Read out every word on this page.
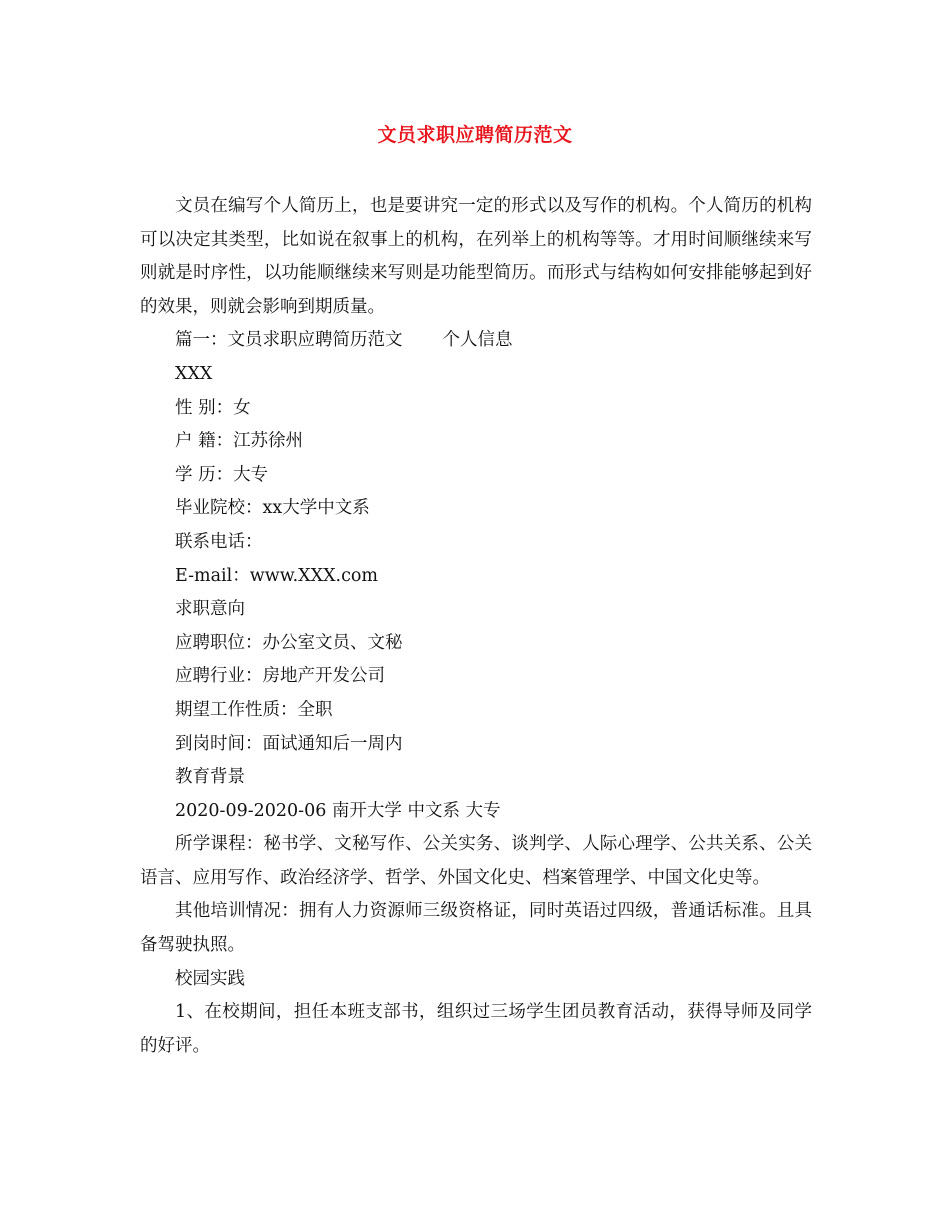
文员求职应聘简历范文

文员在编写个人简历上，也是要讲究一定的形式以及写作的机构。个人简历的机构可以决定其类型，比如说在叙事上的机构，在列举上的机构等等。才用时间顺继续来写则就是时序性，以功能顺继续来写则是功能型简历。而形式与结构如何安排能够起到好的效果，则就会影响到期质量。

篇一：文员求职应聘简历范文 个人信息

XXX

性 别：女

户 籍：江苏徐州

学 历：大专

毕业院校：xx大学中文系

联系电话：

E-mail：www.XXX.com

求职意向

应聘职位：办公室文员、文秘

应聘行业：房地产开发公司

期望工作性质：全职

到岗时间：面试通知后一周内

教育背景

2020-09-2020-06 南开大学 中文系 大专

所学课程：秘书学、文秘写作、公关实务、谈判学、人际心理学、公共关系、公关语言、应用写作、政治经济学、哲学、外国文化史、档案管理学、中国文化史等。

其他培训情况：拥有人力资源师三级资格证，同时英语过四级，普通话标准。且具备驾驶执照。

校园实践

1、在校期间，担任本班支部书，组织过三场学生团员教育活动，获得导师及同学的好评。
